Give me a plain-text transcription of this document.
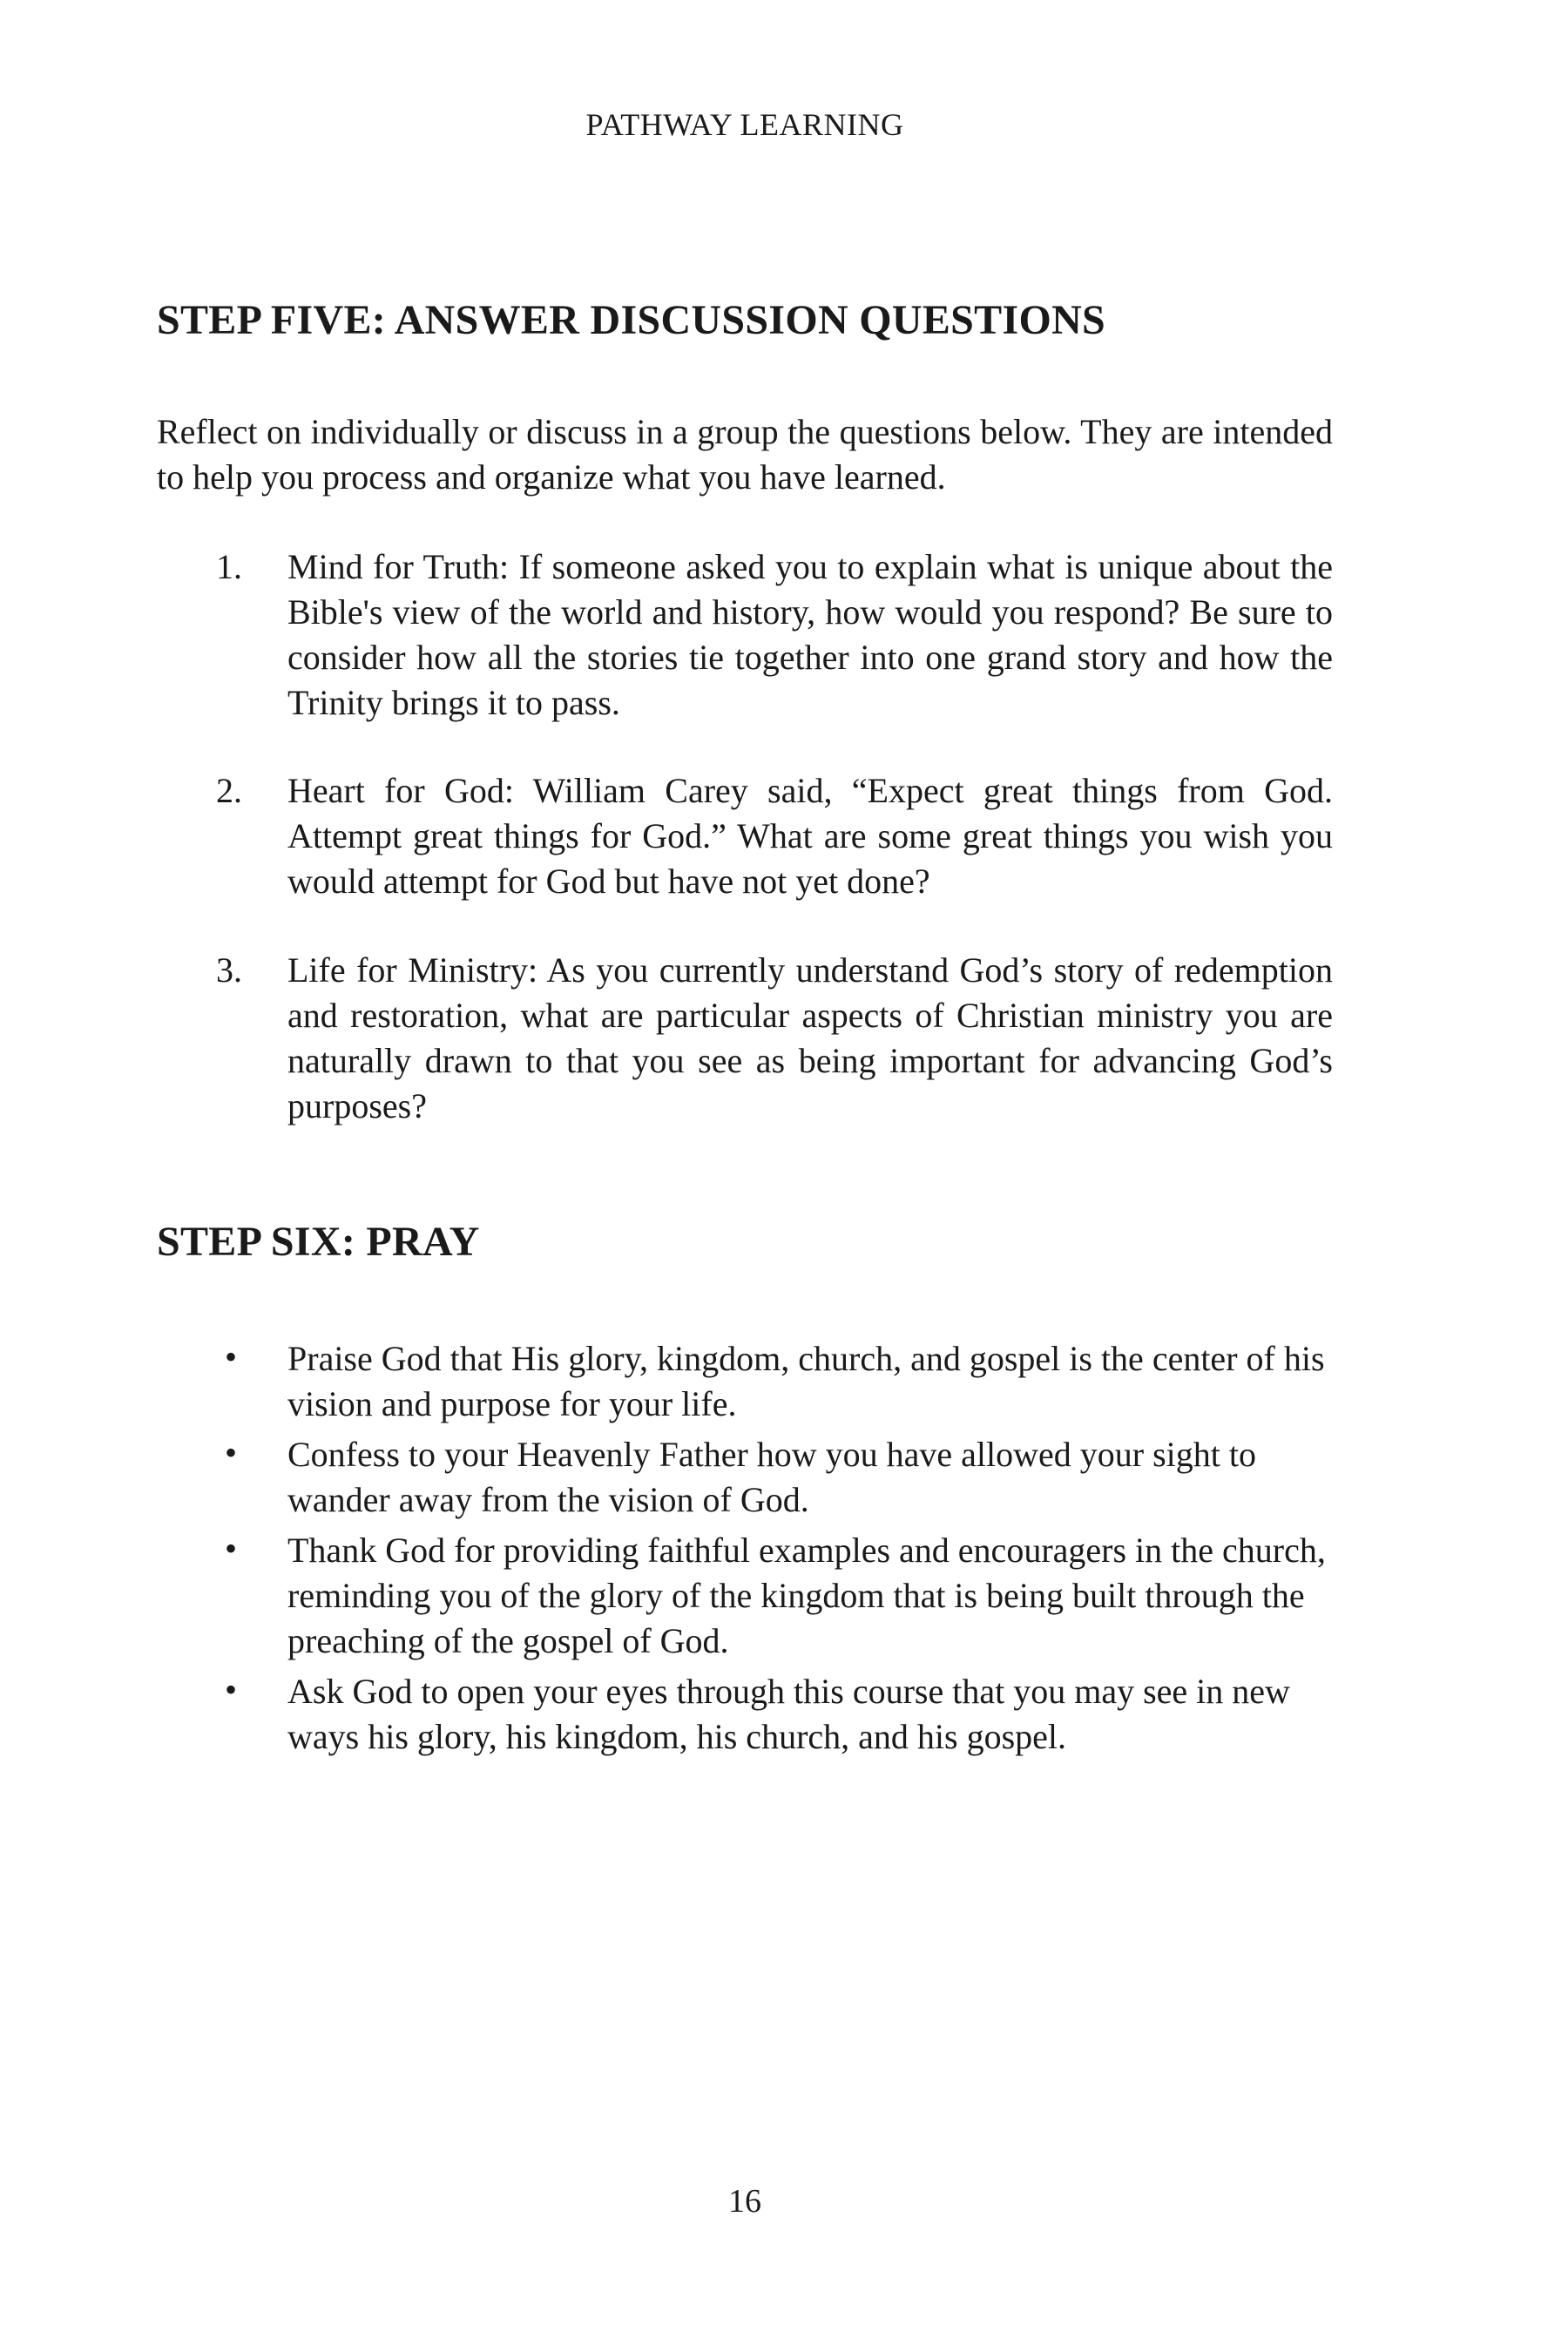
PATHWAY LEARNING
STEP FIVE: ANSWER DISCUSSION QUESTIONS

Reflect on individually or discuss in a group the questions below. They are intended to help you process and organize what you have learned.

1. Mind for Truth: If someone asked you to explain what is unique about the Bible's view of the world and history, how would you respond? Be sure to consider how all the stories tie together into one grand story and how the Trinity brings it to pass.
2. Heart for God: William Carey said, “Expect great things from God. Attempt great things for God.” What are some great things you wish you would attempt for God but have not yet done?
3. Life for Ministry: As you currently understand God’s story of redemption and restoration, what are particular aspects of Christian ministry you are naturally drawn to that you see as being important for advancing God’s purposes?
STEP SIX: PRAY
• Praise God that His glory, kingdom, church, and gospel is the center of his vision and purpose for your life.
• Confess to your Heavenly Father how you have allowed your sight to wander away from the vision of God.
• Thank God for providing faithful examples and encouragers in the church, reminding you of the glory of the kingdom that is being built through the preaching of the gospel of God.
• Ask God to open your eyes through this course that you may see in new ways his glory, his kingdom, his church, and his gospel.
16
